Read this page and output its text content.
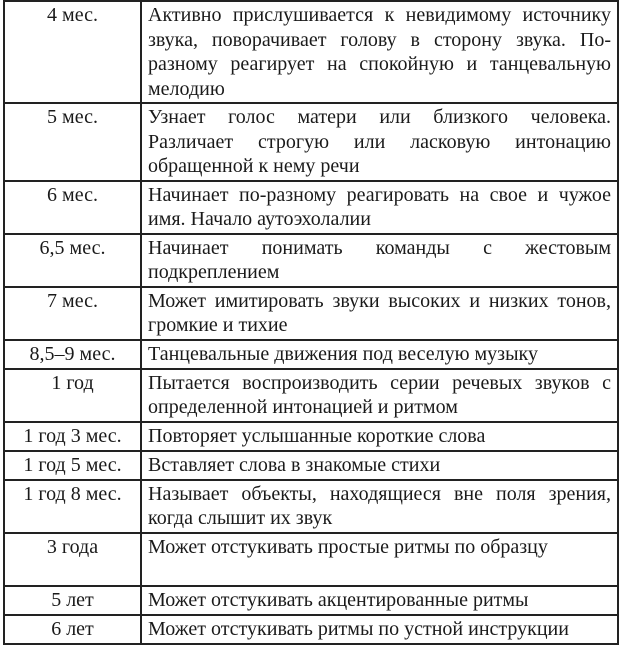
4 мес.	Активно прислушивается к невидимому источнику звука, поворачивает голову в сторону звука. По-разному реагирует на спокойную и танцевальную мелодию
5 мес.	Узнает голос матери или близкого человека. Различает строгую или ласковую интонацию обращенной к нему речи
6 мес.	Начинает по-разному реагировать на свое и чужое имя. Начало аутоэхолалии
6,5 мес.	Начинает понимать команды с жестовым подкреплением
7 мес.	Может имитировать звуки высоких и низких тонов, громкие и тихие
8,5–9 мес.	Танцевальные движения под веселую музыку
1 год	Пытается воспроизводить серии речевых звуков с определенной интонацией и ритмом
1 год 3 мес.	Повторяет услышанные короткие слова
1 год 5 мес.	Вставляет слова в знакомые стихи
1 год 8 мес.	Называет объекты, находящиеся вне поля зрения, когда слышит их звук
3 года	Может отстукивать простые ритмы по образцу
5 лет	Может отстукивать акцентированные ритмы
6 лет	Может отстукивать ритмы по устной инструкции
